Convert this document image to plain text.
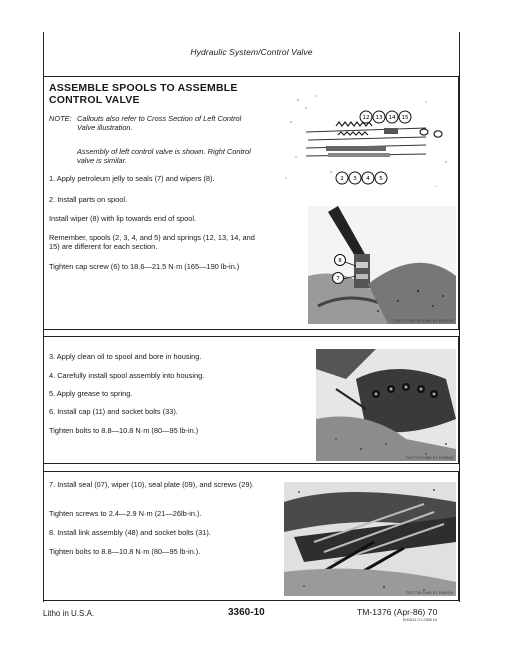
Hydraulic System/Control Valve
ASSEMBLE SPOOLS TO ASSEMBLE
CONTROL VALVE
NOTE: Callouts also refer to Cross Section of Left Control Valve illustration.
Assembly of left control valve is shown. Right Control valve is similar.
1. Apply petroleum jelly to seals (7) and wipers (8).
2. Install parts on spool.
Install wiper (8) with lip towards end of spool.
Remember, spools (2, 3, 4, and 5) and springs (12, 13, 14, and 15) are different for each section.
Tighten cap screw (6) to 18.6—21.5 N·m (165—190 lb-in.)
12 13 14 15
2 3 4 5
8
7
T42770 T42754 1980 E1 DV6026
3. Apply clean oil to spool and bore in housing.
4. Carefully install spool assembly into housing.
5. Apply grease to spring.
6. Install cap (11) and socket bolts (33).
Tighten bolts to 8.8—10.8 N·m (80—95 lb-in.)
T42772A 1980 E1 DV6026
7. Install seal (07), wiper (10), seal plate (09), and screws (29).
Tighten screws to 2.4—2.9 N·m (21—26lb-in.).
8. Install link assembly (48) and socket bolts (31).
Tighten bolts to 8.8—10.8 N·m (80—95 lb-in.).
T42773A 1980 E1 DV6026
Litho in U.S.A.	3360-10	TM-1376 (Apr-86) 70
R41812 C1 2356 10
